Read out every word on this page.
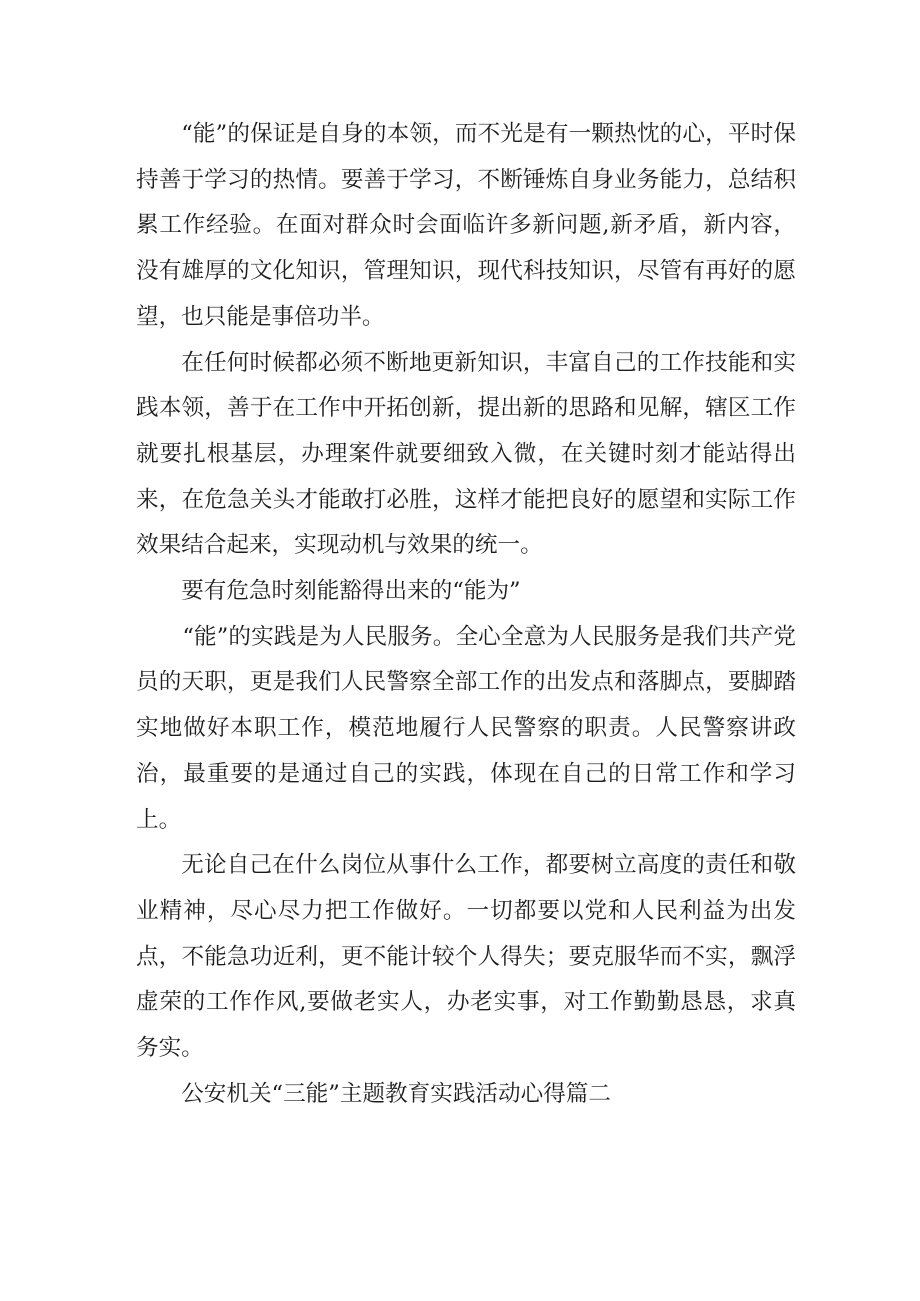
“能”的保证是自身的本领，而不光是有一颗热忱的心，平时保持善于学习的热情。要善于学习，不断锤炼自身业务能力，总结积累工作经验。在面对群众时会面临许多新问题,新矛盾，新内容，没有雄厚的文化知识，管理知识，现代科技知识，尽管有再好的愿望，也只能是事倍功半。

在任何时候都必须不断地更新知识，丰富自己的工作技能和实践本领，善于在工作中开拓创新，提出新的思路和见解，辖区工作就要扎根基层，办理案件就要细致入微，在关键时刻才能站得出来，在危急关头才能敢打必胜，这样才能把良好的愿望和实际工作效果结合起来，实现动机与效果的统一。

要有危急时刻能豁得出来的“能为”

“能”的实践是为人民服务。全心全意为人民服务是我们共产党员的天职，更是我们人民警察全部工作的出发点和落脚点，要脚踏实地做好本职工作，模范地履行人民警察的职责。人民警察讲政治，最重要的是通过自己的实践，体现在自己的日常工作和学习上。

无论自己在什么岗位从事什么工作，都要树立高度的责任和敬业精神，尽心尽力把工作做好。一切都要以党和人民利益为出发点，不能急功近利，更不能计较个人得失；要克服华而不实，飘浮虚荣的工作作风,要做老实人，办老实事，对工作勤勤恳恳，求真务实。

公安机关“三能”主题教育实践活动心得篇二
